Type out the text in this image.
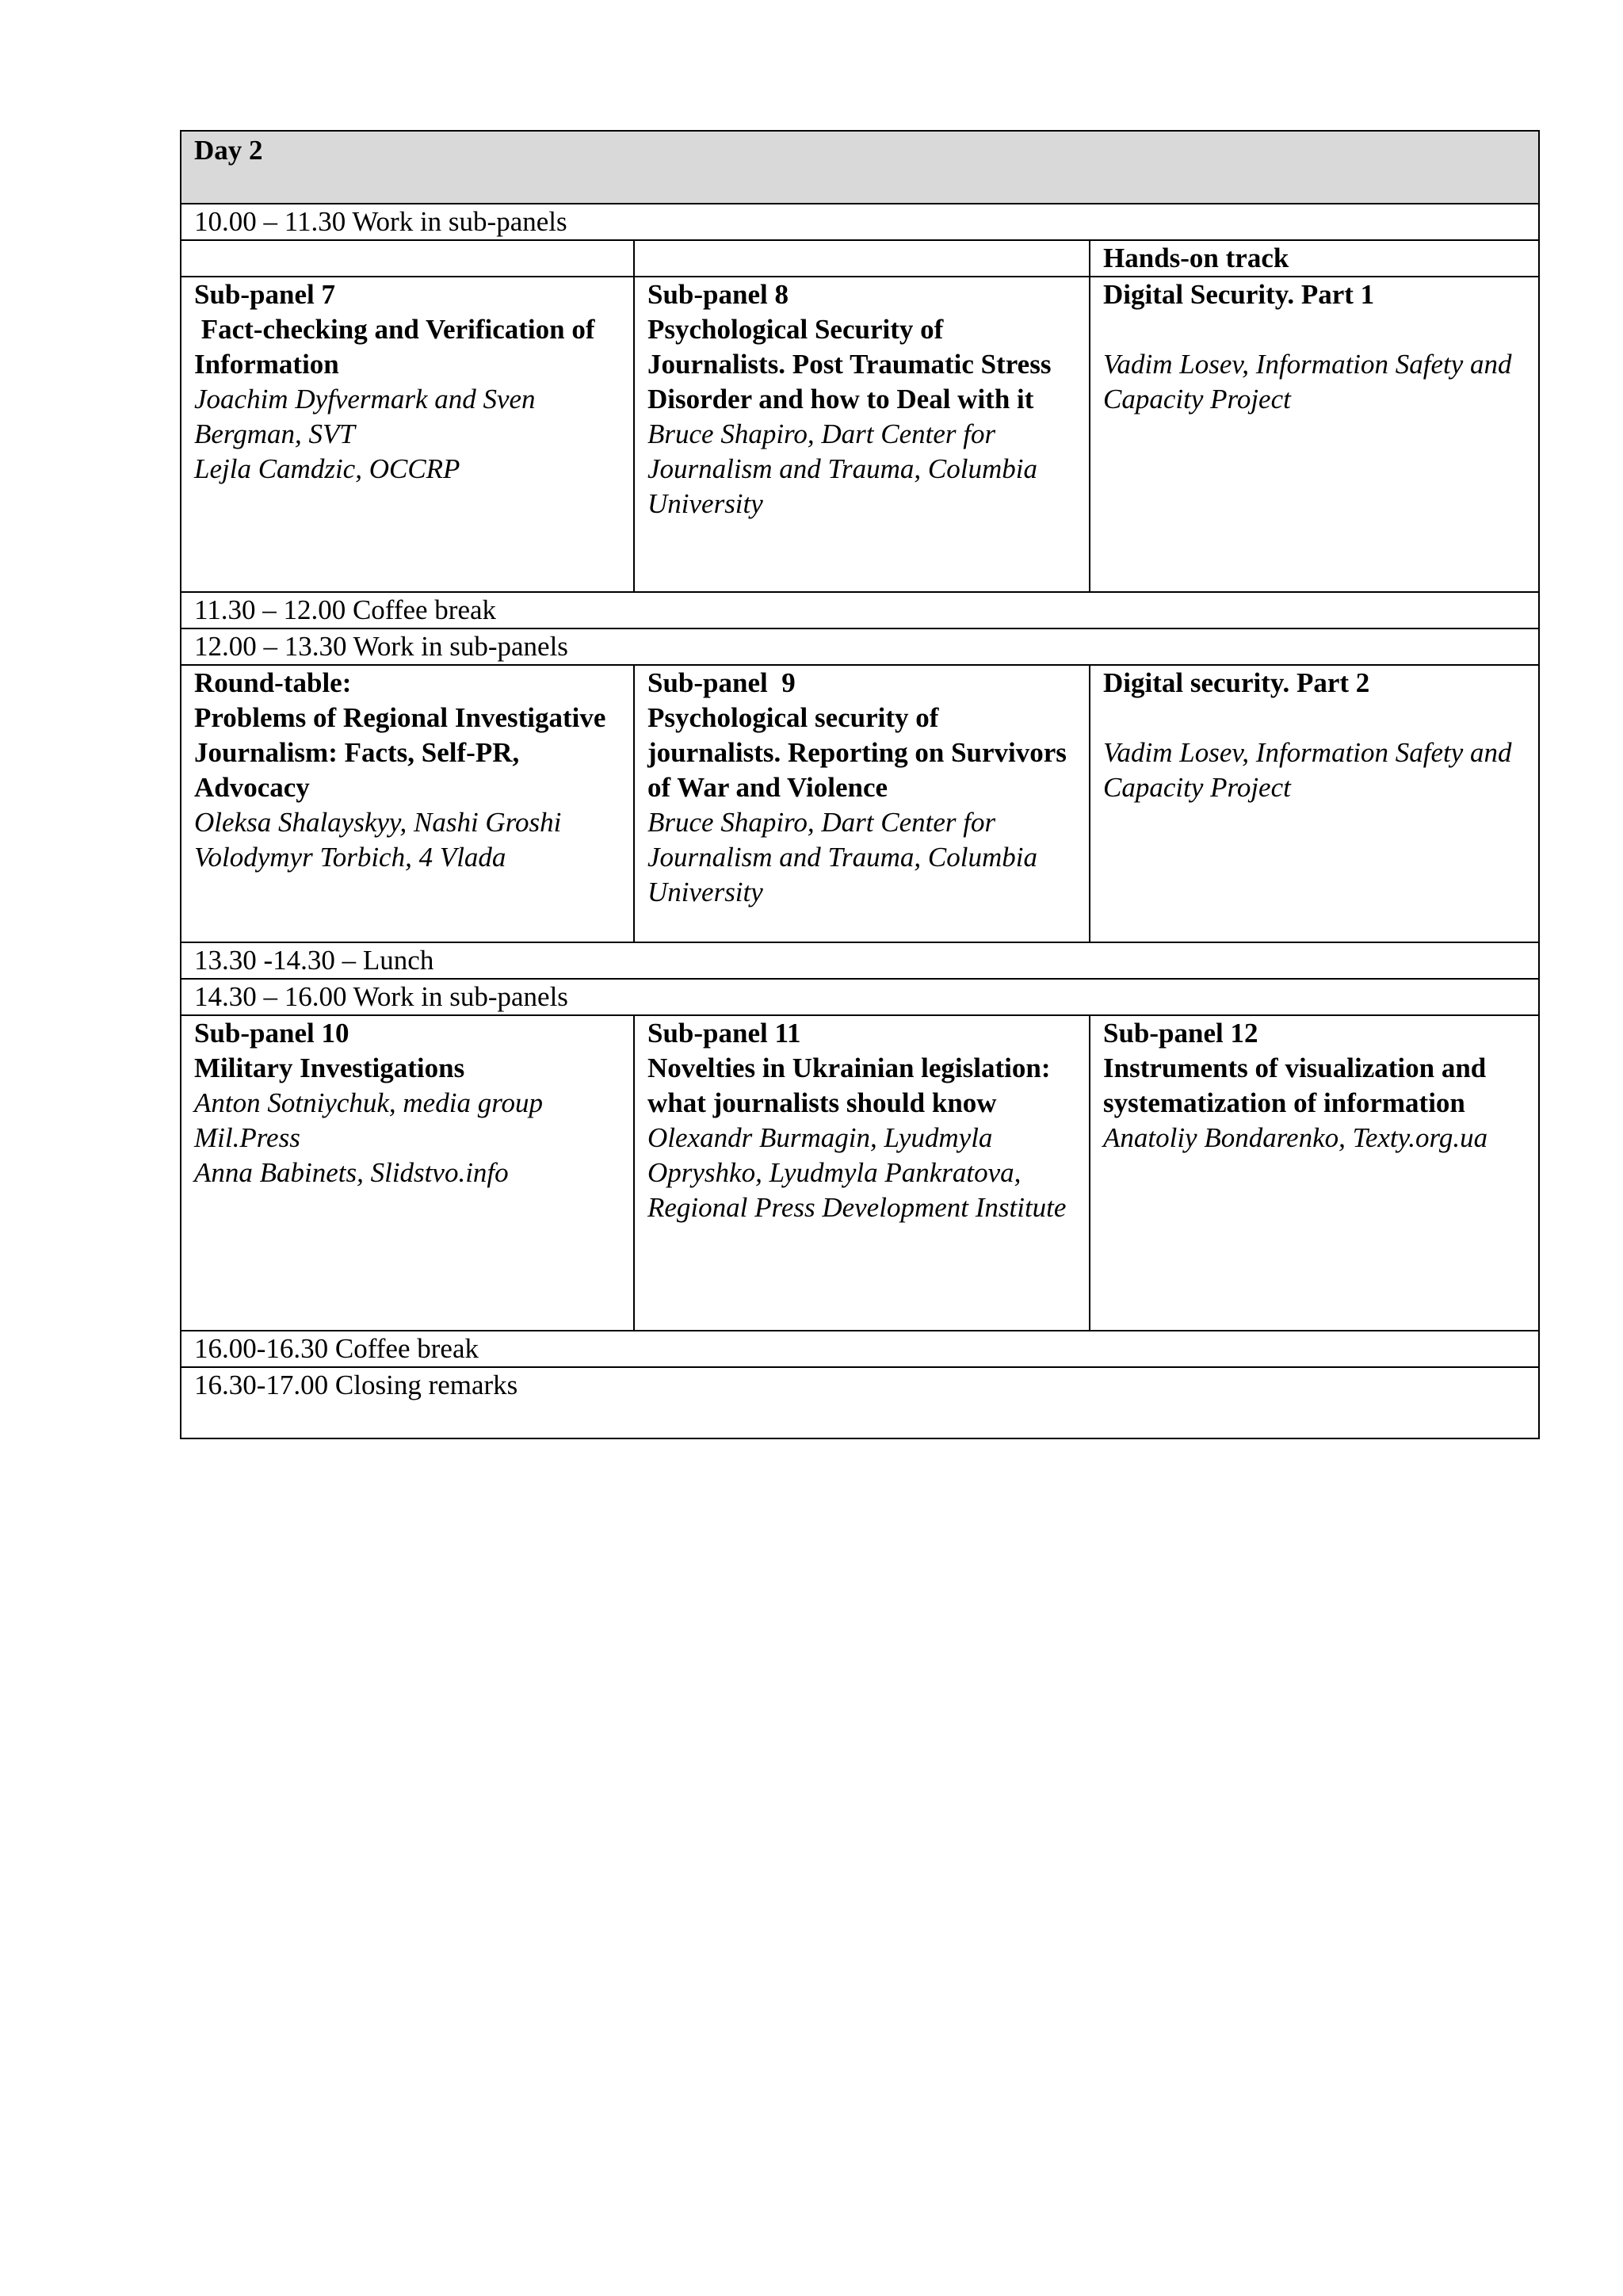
Day 2		
10.00 – 11.30 Work in sub-panels		

		Hands-on track

Sub-panel 7
Fact-checking and Verification of Information
Joachim Dyfvermark and Sven Bergman, SVT
Lejla Camdzic, OCCRP	Sub-panel 8
Psychological Security of Journalists. Post Traumatic Stress Disorder and how to Deal with it
Bruce Shapiro, Dart Center for Journalism and Trauma, Columbia University	Digital Security. Part 1
Vadim Losev, Information Safety and Capacity Project

11.30 – 12.00 Coffee break		
12.00 – 13.30 Work in sub-panels		

Round-table:
Problems of Regional Investigative Journalism: Facts, Self-PR, Advocacy
Oleksa Shalayskyy, Nashi Groshi
Volodymyr Torbich, 4 Vlada	Sub-panel  9
Psychological security of journalists. Reporting on Survivors of War and Violence
Bruce Shapiro, Dart Center for Journalism and Trauma, Columbia University	Digital security. Part 2
Vadim Losev, Information Safety and Capacity Project

13.30 -14.30 – Lunch		
14.30 – 16.00 Work in sub-panels		

Sub-panel 10
Military Investigations
Anton Sotniychuk, media group Mil.Press
Anna Babinets, Slidstvo.info	Sub-panel 11
Novelties in Ukrainian legislation: what journalists should know
Olexandr Burmagin, Lyudmyla Opryshko, Lyudmyla Pankratova, Regional Press Development Institute	Sub-panel 12
Instruments of visualization and systematization of information
Anatoliy Bondarenko, Texty.org.ua

16.00-16.30 Coffee break		
16.30-17.00 Closing remarks		
